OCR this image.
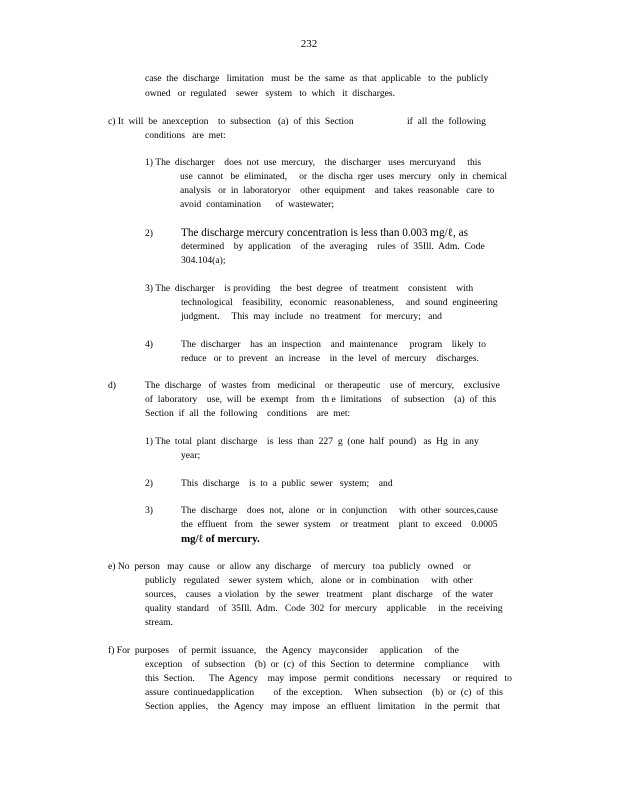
232
case  the  discharge   limitation   must  be  the  same  as  that  applicable   to  the  publicly
owned   or  regulated    sewer   system   to  which   it  discharges.
c) It  will  be  anexception    to  subsection   (a)  of  this  Section	if  all  the  following
conditions   are  met:
1) The  discharger    does  not  use  mercury,    the  discharger   uses  mercuryand     this
use  cannot   be  eliminated,     or  the  discha  rger  uses  mercury   only  in  chemical
analysis   or  in  laboratoryor    other  equipment    and  takes  reasonable   care  to
avoid  contamination      of  wastewater;
2)	The discharge mercury concentration is less than 0.003 mg/ℓ, as
determined    by  application    of  the  averaging    rules  of  35Ill.  Adm.  Code
304.104(a);
3) The  discharger    is providing    the  best  degree   of  treatment    consistent    with
technological    feasibility,   economic   reasonableness,     and  sound  engineering
judgment.     This  may  include   no  treatment    for  mercury;   and
4)	The  discharger    has  an  inspection    and  maintenance     program    likely  to
reduce   or  to  prevent   an  increase    in  the  level  of  mercury    discharges.
d)	The  discharge   of  wastes  from   medicinal    or  therapeutic    use  of  mercury,    exclusive
of  laboratory    use,  will  be  exempt   from   th e  limitations    of  subsection    (a)  of  this
Section  if  all  the  following    conditions    are  met:
1) The  total  plant  discharge    is  less  than  227  g  (one  half  pound)   as  Hg  in  any
year;
2)	This  discharge    is  to  a  public  sewer   system;    and
3)	The  discharge    does  not,  alone   or  in  conjunction     with  other  sources,cause
the  effluent   from   the  sewer  system    or  treatment    plant  to  exceed    0.0005
mg/ℓ of mercury.
e) No  person   may  cause   or  allow  any  discharge    of  mercury   toa  publicly   owned    or
publicly   regulated    sewer  system  which,   alone  or  in  combination     with  other
sources,    causes   a violation   by  the  sewer   treatment    plant  discharge    of  the  water
quality  standard    of  35Ill.  Adm.   Code  302  for  mercury    applicable     in  the  receiving
stream.
f) For  purposes    of  permit  issuance,    the  Agency   mayconsider     application     of  the
exception    of  subsection    (b)  or  (c)  of  this  Section  to  determine    compliance      with
this  Section.      The  Agency    may  impose   permit  conditions    necessary     or  required   to
assure  continuedapplication        of  the  exception.     When  subsection    (b)  or  (c)  of  this
Section  applies,    the  Agency   may  impose   an  effluent   limitation    in  the  permit   that
